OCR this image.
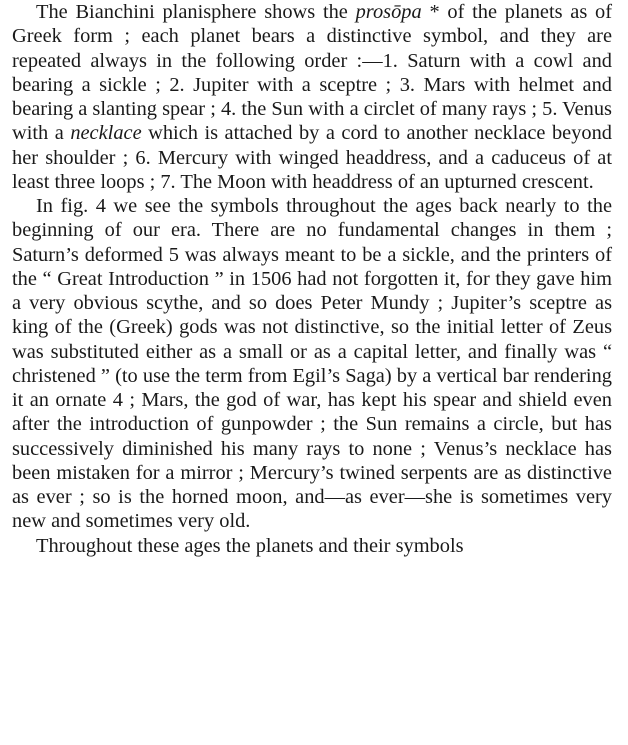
The Bianchini planisphere shows the prosōpa * of the planets as of Greek form ; each planet bears a distinctive symbol, and they are repeated always in the following order :—1. Saturn with a cowl and bearing a sickle ; 2. Jupiter with a sceptre ; 3. Mars with helmet and bearing a slanting spear ; 4. the Sun with a circlet of many rays ; 5. Venus with a necklace which is attached by a cord to another necklace beyond her shoulder ; 6. Mercury with winged headdress, and a caduceus of at least three loops ; 7. The Moon with headdress of an upturned crescent.

In fig. 4 we see the symbols throughout the ages back nearly to the beginning of our era. There are no fundamental changes in them ; Saturn’s deformed 5 was always meant to be a sickle, and the printers of the “ Great Introduction ” in 1506 had not forgotten it, for they gave him a very obvious scythe, and so does Peter Mundy ; Jupiter’s sceptre as king of the (Greek) gods was not distinctive, so the initial letter of Zeus was substituted either as a small or as a capital letter, and finally was “ christened ” (to use the term from Egil’s Saga) by a vertical bar rendering it an ornate 4 ; Mars, the god of war, has kept his spear and shield even after the introduction of gunpowder ; the Sun remains a circle, but has successively diminished his many rays to none ; Venus’s necklace has been mistaken for a mirror ; Mercury’s twined serpents are as distinctive as ever ; so is the horned moon, and—as ever—she is sometimes very new and sometimes very old.

Throughout these ages the planets and their symbols
